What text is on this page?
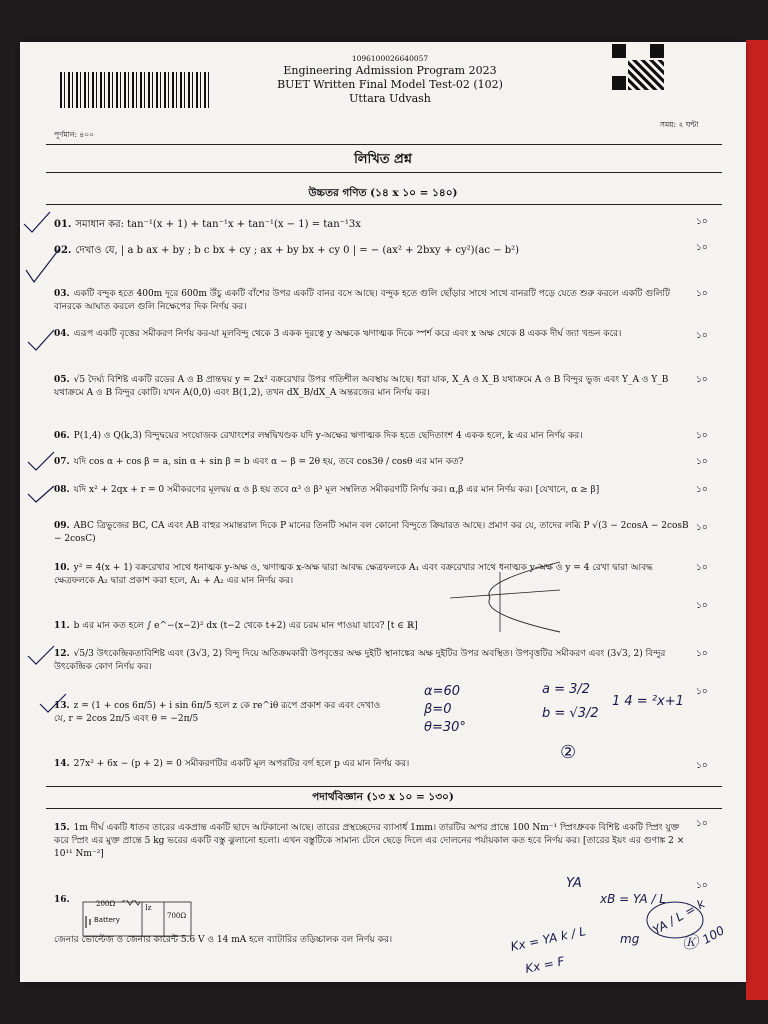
1096100026640057
Engineering Admission Program 2023
BUET Written Final Model Test-02 (102)
Uttara Udvash
পূর্ণমান: ৪০০
সময়: ২ ঘন্টা
লিখিত প্রশ্ন
উচ্চতর গণিত (১৪ x ১০ = ১৪০)
01. সমাধান কর: tan⁻¹(x + 1) + tan⁻¹x + tan⁻¹(x − 1) = tan⁻¹3x
02. দেখাও যে, | a b ax + by ; b c bx + cy ; ax + by bx + cy 0 | = − (ax² + 2bxy + cy²)(ac − b²)
03. একটি বন্দুক হতে 400m দূরে 600m উঁচু একটি বাঁশের উপর একটি বানর বসে আছে। বন্দুক হতে গুলি ছোঁড়ার সাথে সাথে বানরটি পড়ে যেতে শুরু করলে একটি গুলিটি বানরকে আঘাত করলে গুলি নিক্ষেপের দিক নির্ণয় কর।
04. এরূপ একটি বৃত্তের সমীকরণ নির্ণয় কর-যা মূলবিন্দু থেকে 3 একক দূরত্বে y অক্ষকে ঋণাত্মক দিকে স্পর্শ করে এবং x অক্ষ থেকে 8 একক দীর্ঘ জ্যা খন্ডন করে।
05. √5 দৈর্ঘ্য বিশিষ্ট একটি রডের A ও B প্রান্তদ্বয় y = 2x² বক্ররেখার উপর গতিশীল অবস্থায় আছে। ধরা যাক, X_A ও X_B যথাক্রমে A ও B বিন্দুর ভুজ এবং Y_A ও Y_B যথাক্রমে A ও B বিন্দুর কোটি। যখন A(0,0) এবং B(1,2), তখন dX_B/dX_A অন্তরজের মান নির্ণয় কর।
06. P(1,4) ও Q(k,3) বিন্দুদ্বয়ের সংযোজক রেখাংশের লম্বদ্বিখণ্ডক যদি y-অক্ষের ঋণাত্মক দিক হতে ছেদিতাংশ 4 একক হলে, k এর মান নির্ণয় কর।
07. যদি cos α + cos β = a, sin α + sin β = b এবং α − β = 2θ হয়, তবে cos3θ / cosθ এর মান কত?
08. যদি x² + 2qx + r = 0 সমীকরণের মূলদ্বয় α ও β হয় তবে α³ ও β³ মূল সম্বলিত সমীকরণটি নির্ণয় কর। α,β এর মান নির্ণয় কর। [যেখানে, α ≥ β]
09. ABC ত্রিভুজের BC, CA এবং AB বাহুর সমান্তরাল দিকে P মানের তিনটি সমান বল কোনো বিন্দুতে ক্রিয়ারত আছে। প্রমাণ কর যে, তাদের লব্ধি P √(3 − 2cosA − 2cosB − 2cosC)
10. y² = 4(x + 1) বক্ররেখার সাথে ধনাত্মক y-অক্ষ ও, ঋণাত্মক x-অক্ষ দ্বারা আবদ্ধ ক্ষেত্রফলকে A₁ এবং বক্ররেখার সাথে ধনাত্মক y-অক্ষ ও y = 4 রেখা দ্বারা আবদ্ধ ক্ষেত্রফলকে A₂ দ্বারা প্রকাশ করা হলে, A₁ + A₂ এর মান নির্ণয় কর।
11. b এর মান কত হলে ∫ e^−(x−2)² dx (t−2 থেকে t+2) এর চরম মান পাওয়া যাবে? [t ∈ ℝ]
12. √5/3 উৎকেন্দ্রিকতাবিশিষ্ট এবং (3√3, 2) বিন্দু দিয়ে অতিক্রমকারী উপবৃত্তের অক্ষ দুইটি স্থানাঙ্কের অক্ষ দুইটির উপর অবস্থিত। উপবৃত্তটির সমীকরণ এবং (3√3, 2) বিন্দুর উৎকেন্দ্রিক কোণ নির্ণয় কর।
13. z = (1 + cos 6π/5) + i sin 6π/5 হলে z কে re^iθ রূপে প্রকাশ কর এবং দেখাও যে, r = 2cos 2π/5 এবং θ = −2π/5
14. 27x² + 6x − (p + 2) = 0 সমীকরণটির একটি মূল অপরটির বর্গ হলে p এর মান নির্ণয় কর।
পদার্থবিজ্ঞান (১৩ x ১০ = ১৩০)
15. 1m দীর্ঘ একটি ধাতব তারের একপ্রান্ত একটি ছাদে আটকানো আছে। তারের প্রস্থচ্ছেদের ব্যাসার্ধ 1mm। তারটির অপর প্রান্তে 100 Nm⁻¹ স্প্রিংধ্রুবক বিশিষ্ট একটি স্প্রিং যুক্ত করে স্প্রিং এর মুক্ত প্রান্তে 5 kg ভরের একটি বস্তু ঝুলানো হলো। এখন বস্তুটিকে সামান্য টেনে ছেড়ে দিলে এর দোলনের পর্যায়কাল কত হবে নির্ণয় কর। [তারের ইয়ং এর গুণাঙ্ক 2 × 10¹¹ Nm⁻²]
16.
জেনার ভোল্টেজ ও জেনার কারেন্ট 5.6 V ও 14 mA হলে ব্যাটারির তড়িচ্চালক বল নির্ণয় কর।
200Ω
Battery
Iz
700Ω
১০
১০
১০
১০
১০
১০
১০
১০
১০
১০
১০
১০
১০
১০
১০
১০
α=60
β=0
θ=30°
a = 3/2
b = √3/2
1 4 = ²x+1
②
YA
xB = YA / L
Kx = YA k / L
Kx = F
YA / L = k
100
Ⓚ
mg
